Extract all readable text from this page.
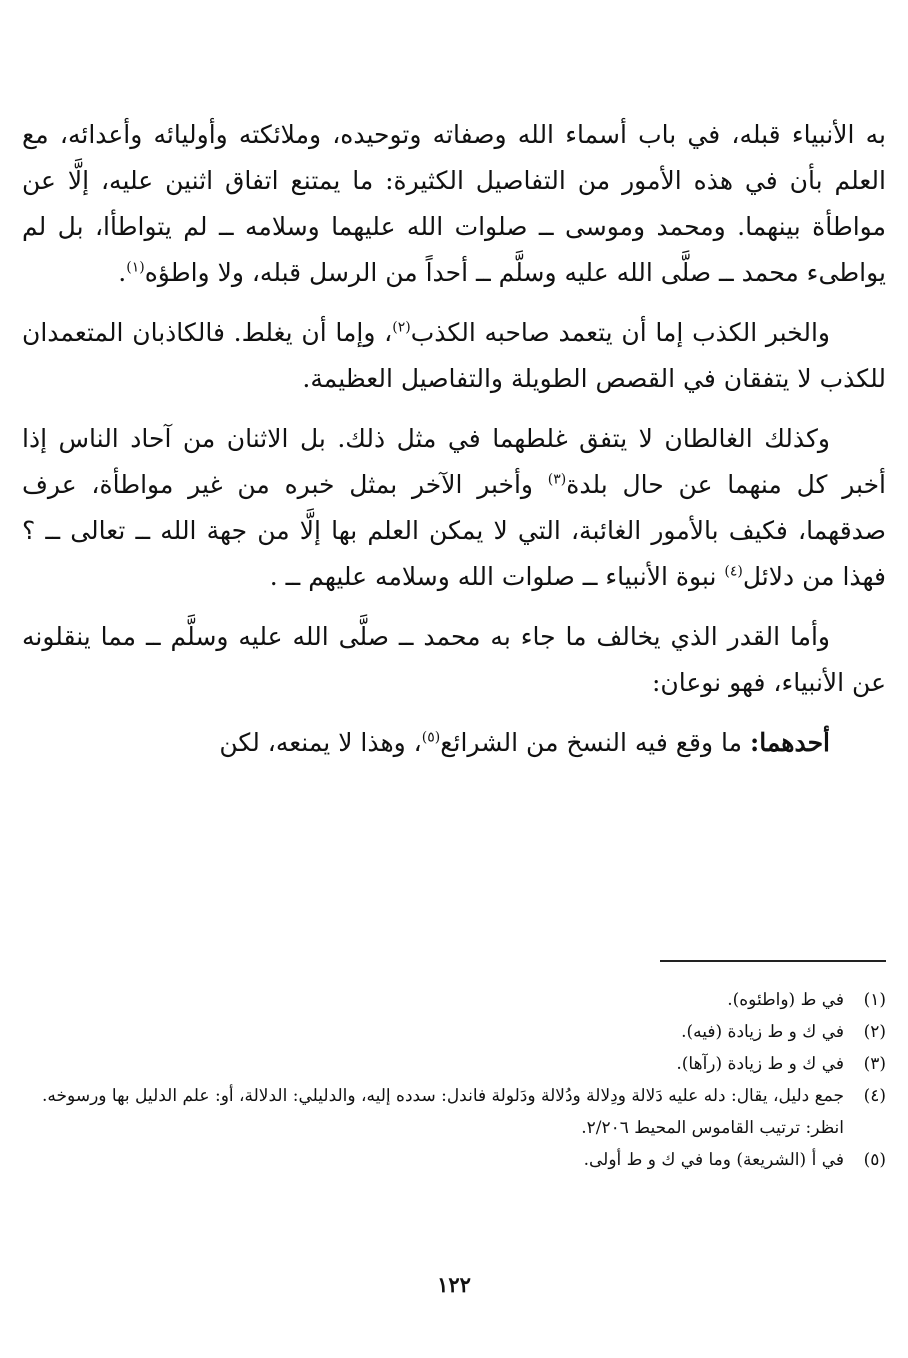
به الأنبياء قبله، في باب أسماء الله وصفاته وتوحيده، وملائكته وأوليائه وأعدائه، مع العلم بأن في هذه الأمور من التفاصيل الكثيرة: ما يمتنع اتفاق اثنين عليه، إلَّا عن مواطأة بينهما. ومحمد وموسى ــ صلوات الله عليهما وسلامه ــ لم يتواطأا، بل لم يواطىء محمد ــ صلَّى الله عليه وسلَّم ــ أحداً من الرسل قبله، ولا واطؤه$^{(١)}$.

والخبر الكذب إما أن يتعمد صاحبه الكذب$^{(٢)}$، وإما أن يغلط. فالكاذبان المتعمدان للكذب لا يتفقان في القصص الطويلة والتفاصيل العظيمة.

وكذلك الغالطان لا يتفق غلطهما في مثل ذلك. بل الاثنان من آحاد الناس إذا أخبر كل منهما عن حال بلدة$^{(٣)}$ وأخبر الآخر بمثل خبره من غير مواطأة، عرف صدقهما، فكيف بالأمور الغائبة، التي لا يمكن العلم بها إلَّا من جهة الله ــ تعالى ــ ؟ فهذا من دلائل$^{(٤)}$ نبوة الأنبياء ــ صلوات الله وسلامه عليهم ــ .

وأما القدر الذي يخالف ما جاء به محمد ــ صلَّى الله عليه وسلَّم ــ مما ينقلونه عن الأنبياء، فهو نوعان:

أحدهما: ما وقع فيه النسخ من الشرائع$^{(٥)}$، وهذا لا يمنعه، لكن

(١)
في ط (واطئوه).
(٢)
في ك و ط زيادة (فيه).
(٣)
في ك و ط زيادة (رآها).
(٤)
جمع دليل، يقال: دله عليه دَلالة ودِلالة ودُلالة ودَلولة فاندل: سدده إليه، والدليلي: الدلالة، أو: علم الدليل بها ورسوخه.
انظر: ترتيب القاموس المحيط ٢/٢٠٦.
(٥)
في أ (الشريعة) وما في ك و ط أولى.
١٢٢
